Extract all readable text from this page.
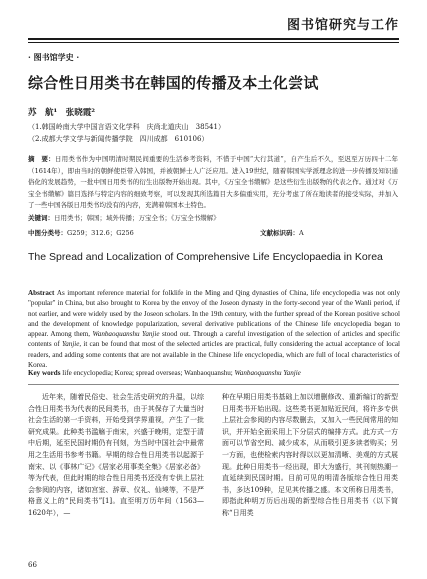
图书馆研究与工作
· 图书馆学史 ·
综合性日用类书在韩国的传播及本土化尝试
苏　航¹　张晓霞²
（1.韩国岭南大学中国言语文化学科　庆尚北道庆山　38541）
（2.成都大学文学与新闻传播学院　四川成都　610106）
摘　要：日用类书作为中国明清时期民间重要的生活参考资料，不惜于中国“大行其道”，自产生后不久，至迟至万历四十二年（1614年），即由当时的朝鲜使臣带入韩国，并被朝鲜士人广泛应用。进入19世纪，随着韩国实学派理念的进一步传播及知识通俗化的发展趋势，一批中国日用类书的衍生出版物开始出现。其中，《万宝全书缵解》是这些衍生出版物的代表之作。通过对《万宝全书缵解》篇目选择与特定内容的细致考察，可以发现其所选篇目大多偏重实用，充分考虑了所在地读者的接受实际，并加入了一些中国各版日用类书均没有的内容，充满着韩国本土特色。
关键词：日用类书；韩国；域外传播；万宝全书；《万宝全书缵解》
中图分类号：G259；312.6；G256	文献标识码：A
The Spread and Localization of Comprehensive Life Encyclopaedia in Korea
Abstract As important reference material for folklife in the Ming and Qing dynasties of China, life encyclopedia was not only "popular" in China, but also brought to Korea by the envoy of the Joseon dynasty in the forty-second year of the Wanli period, if not earlier, and were widely used by the Joseon scholars. In the 19th century, with the further spread of the Korean positive school and the development of knowledge popularization, several derivative publications of the Chinese life encyclopedia began to appear. Among them, Wanbaoquanshu Yanjie stood out. Through a careful investigation of the selection of articles and specific contents of Yanjie, it can be found that most of the selected articles are practical, fully considering the actual acceptance of local readers, and adding some contents that are not available in the Chinese life encyclopedia, which are full of local characteristics of Korea.
Key words life encyclopedia; Korea; spread overseas; Wanbaoquanshu; Wanbaoquanshu Yanjie

近年来，随着民俗史、社会生活史研究的升温，以综合性日用类书为代表的民间类书，由于其保存了大量当时社会生活的第一手资料，开始受到学界重视，产生了一批研究成果。此种类书滥觞于南宋，兴盛于晚明，定型于清中后期，延至民国时期仍有刊刻，为当时中国社会中最常用之生活用书参考书籍。早期的综合性日用类书以起源于南宋、以《事林广记》《居家必用事类全集》《居家必备》等为代表，但此时期的综合性日用类书还没有专供上层社会参阅的内容，诸如宫室、辞章、仪礼、仙境等，不是严格意义上的“民间类书”[1]。直至明万历年间（1563—1620年），—

种在早期日用类书基础上加以增删修改、重新编订的新型日用类书开始出现。这些类书更加贴近民间，将许多专供上层社会参阅的内容尽数删去，又加入一些民间常用的知识，并开始全面采用上下分层式的编排方式。此方式一方面可以节省空间、减少成本，从而吸引更多读者购买；另一方面，也使检索内容时得以以更加清晰、美观的方式展现。此种日用类书一经出现，即大为盛行，其刊刻热潮一直延续到民国时期。目前可见的明清各版综合性日用类书，多达109种，足见其传播之盛。本文所称日用类书，即指此种明万历后出现的新型综合性日用类书（以下简称“日用类

66
